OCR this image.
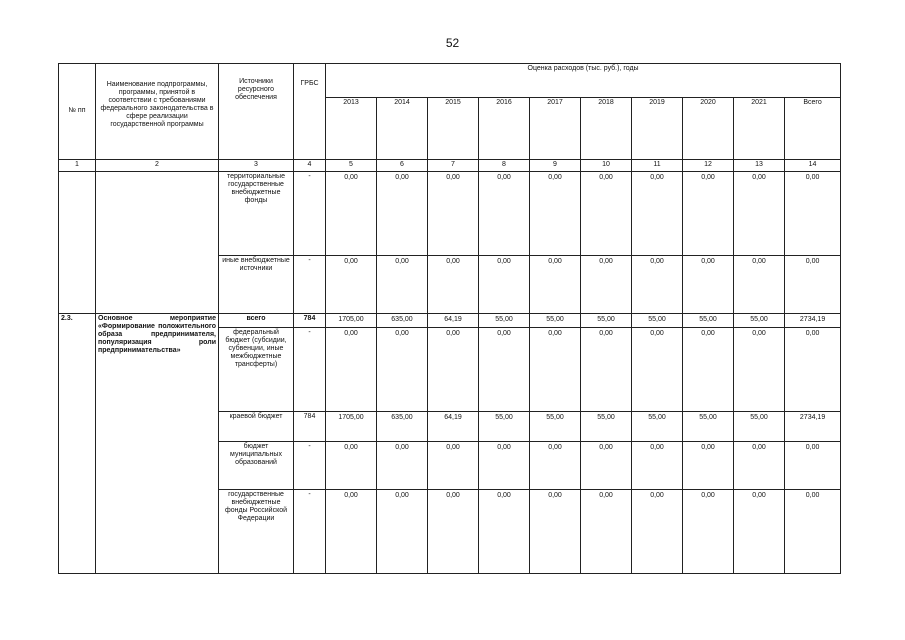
52
№ пп	Наименование подпрограммы, программы, принятой в соответствии с требованиями федерального законодательства в сфере реализации государственной программы	Источники ресурсного обеспечения	ГРБС	Оценка расходов (тыс. руб.), годы									
				2013	2014	2015	2016	2017	2018	2019	2020	2021	Всего
1	2	3	4	5	6	7	8	9	10	11	12	13	14
		территориальные государственные внебюджетные фонды	-	0,00	0,00	0,00	0,00	0,00	0,00	0,00	0,00	0,00	0,00
		иные внебюджетные источники	-	0,00	0,00	0,00	0,00	0,00	0,00	0,00	0,00	0,00	0,00
2.3.	Основное мероприятие «Формирование положительного образа предпринимателя, популяризация роли предпринимательства»	всего	784	1705,00	635,00	64,19	55,00	55,00	55,00	55,00	55,00	55,00	2734,19
		федеральный бюджет (субсидии, субвенции, иные межбюджетные трансферты)	-	0,00	0,00	0,00	0,00	0,00	0,00	0,00	0,00	0,00	0,00
		краевой бюджет	784	1705,00	635,00	64,19	55,00	55,00	55,00	55,00	55,00	55,00	2734,19
		бюджет муниципальных образований	-	0,00	0,00	0,00	0,00	0,00	0,00	0,00	0,00	0,00	0,00
		государственные внебюджетные фонды Российской Федерации	-	0,00	0,00	0,00	0,00	0,00	0,00	0,00	0,00	0,00	0,00
